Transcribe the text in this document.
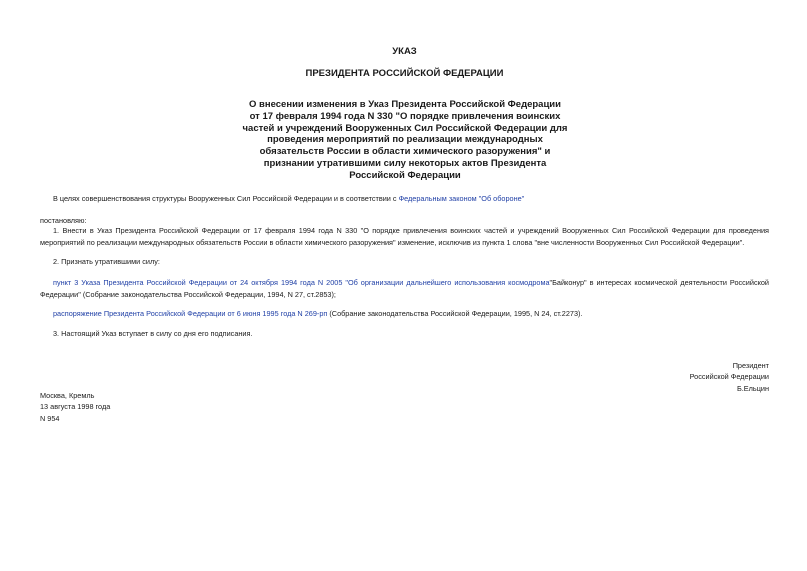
УКАЗ
ПРЕЗИДЕНТА РОССИЙСКОЙ ФЕДЕРАЦИИ
О внесении изменения в Указ Президента Российской Федерации
от 17 февраля 1994 года N 330 "О порядке привлечения воинских
частей и учреждений Вооруженных Сил Российской Федерации для
проведения мероприятий по реализации международных
обязательств России в области химического разоружения" и
признании утратившими силу некоторых актов Президента
Российской Федерации
В целях совершенствования структуры Вооруженных Сил Российской Федерации и в соответствии с Федеральным законом "Об обороне"
постановляю:
1. Внести в Указ Президента Российской Федерации от 17 февраля 1994 года N 330 "О порядке привлечения воинских частей и учреждений Вооруженных Сил Российской Федерации для проведения мероприятий по реализации международных обязательств России в области химического разоружения" изменение, исключив из пункта 1 слова "вне численности Вооруженных Сил Российской Федерации".
2. Признать утратившими силу:
пункт 3 Указа Президента Российской Федерации от 24 октября 1994 года N 2005 "Об организации дальнейшего использования космодрома"Байконур" в интересах космической деятельности Российской Федерации" (Собрание законодательства Российской Федерации, 1994, N 27, ст.2853);
распоряжение Президента Российской Федерации от 6 июня 1995 года N 269-рп (Собрание законодательства Российской Федерации, 1995, N 24, ст.2273).
3. Настоящий Указ вступает в силу со дня его подписания.
Президент
Российской Федерации
Б.Ельцин
Москва, Кремль
13 августа 1998 года
N 954
